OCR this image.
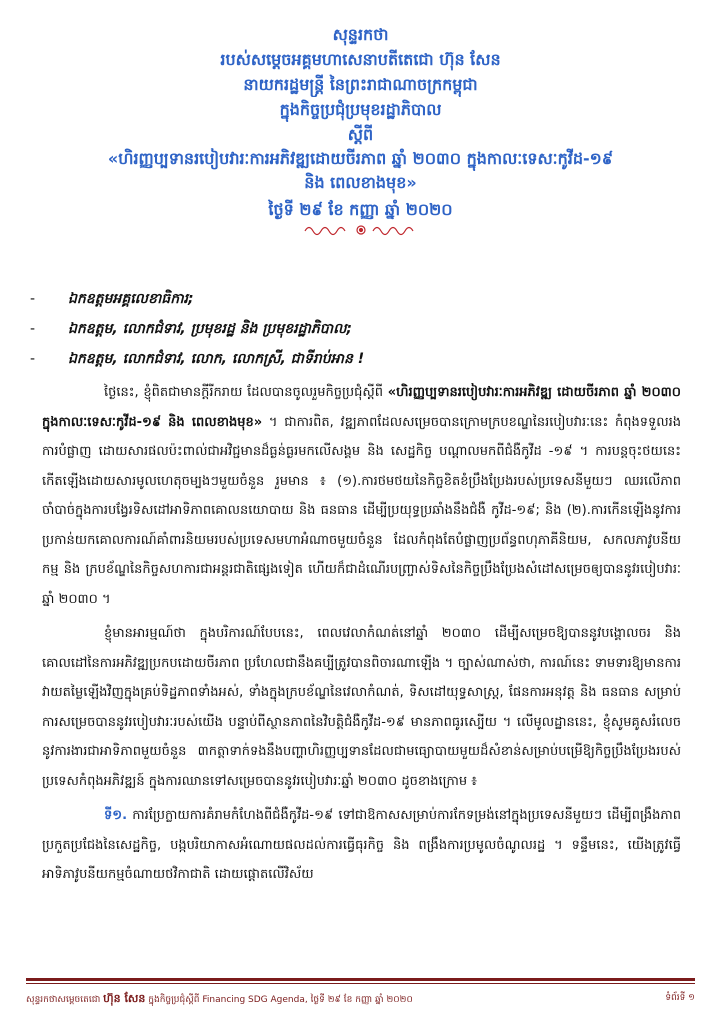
សុន្ទរកថា
របស់សម្តេចអគ្គមហាសេនាបតីតេជោ ហ៊ុន សែន
នាយករដ្ឋមន្ត្រី នៃព្រះរាជាណាចក្រកម្ពុជា
ក្នុងកិច្ចប្រជុំប្រមុខរដ្ឋាភិបាល
ស្តីពី
«ហិរញ្ញប្បទានរបៀបវារៈការអភិវឌ្ឍដោយចីរភាព ឆ្នាំ ២០៣០ ក្នុងកាលៈទេសៈកូវីដ-១៩
និង ពេលខាងមុខ»
ថ្ងៃទី ២៩ ខែ កញ្ញា ឆ្នាំ ២០២០
-	ឯកឧត្តមអគ្គលេខាធិការ;
-	ឯកឧត្តម, លោកជំទាវ, ប្រមុខរដ្ឋ និង ប្រមុខរដ្ឋាភិបាល;
-	ឯកឧត្តម, លោកជំទាវ, លោក, លោកស្រី, ជាទីរាប់អាន !

ថ្ងៃនេះ, ខ្ញុំពិតជាមានក្តីរីករាយ ដែលបានចូលរួមកិច្ចប្រជុំស្តីពី «ហិរញ្ញប្បទានរបៀបវារៈការអភិវឌ្ឍ ដោយចីរភាព ឆ្នាំ ២០៣០ ក្នុងកាលៈទេសៈកូវីដ-១៩ និង ពេលខាងមុខ» ។ ជាការពិត, វឌ្ឍភាពដែលសម្រេចបានក្រោមក្របខណ្ឌនៃរបៀបវារៈនេះ កំពុងទទួលរងការបំផ្លាញ ដោយសារផលប៉ះពាល់ជាអវិជ្ជមានដ៏ធ្ងន់ធ្ងរមកលើសង្គម និង សេដ្ឋកិច្ច បណ្តាលមកពីជំងឺកូវីដ -១៩ ។ ការបន្តចុះថយនេះ កើតឡើងដោយសារមូលហេតុចម្បងៗមួយចំនួន រួមមាន ៖ (១).ការថមថយនៃកិច្ចខិតខំប្រឹងប្រែងរបស់ប្រទេសនីមួយៗ ឈរលើភាពចាំបាច់ក្នុងការបង្វែរទិសដៅអាទិភាពគោលនយោបាយ និង ធនធាន ដើម្បីប្រយុទ្ធប្រឆាំងនឹងជំងឺ កូវីដ-១៩; និង (២).ការកើនឡើងនូវការប្រកាន់យកគោលការណ៍គាំពារនិយមរបស់ប្រទេសមហាអំណាចមួយចំនួន ដែលកំពុងតែបំផ្លាញប្រព័ន្ធពហុភាគីនិយម, សកលភាវូបនីយកម្ម និង ក្របខ័ណ្ឌនៃកិច្ចសហការជាអន្តរជាតិផ្សេងទៀត ហើយក៏ជាដំណើរបញ្ច្រាស់ទិសនៃកិច្ចប្រឹងប្រែងសំដៅសម្រេចឲ្យបាននូវរបៀបវារៈឆ្នាំ ២០៣០ ។

ខ្ញុំមានអារម្មណ៍ថា ក្នុងបរិការណ៍បែបនេះ, ពេលវេលាកំណត់នៅឆ្នាំ ២០៣០ ដើម្បីសម្រេចឱ្យបាននូវបង្គោលចរ និង គោលដៅនៃការអភិវឌ្ឍប្រកបដោយចីរភាព ប្រហែលជានឹងគប្បីត្រូវបានពិចារណាឡើង ។ ច្បាស់ណាស់ថា, ការណ៍នេះ ទាមទារឱ្យមានការវាយតម្លៃឡើងវិញក្នុងគ្រប់ទិដ្ឋភាពទាំងអស់, ទាំងក្នុងក្របខ័ណ្ឌនៃវេលាកំណត់, ទិសដៅយុទ្ធសាស្ត្រ, ផែនការអនុវត្ត និង ធនធាន សម្រាប់ការសម្រេចបាននូវរបៀបវារៈរបស់យើង បន្ទាប់ពីស្ថានភាពនៃវិបត្តិជំងឺកូវីដ-១៩ មានភាពធូរស្បើយ ។ លើមូលដ្ឋាននេះ, ខ្ញុំសូមគូសរំលេចនូវការងារជាអាទិភាពមួយចំនួន ៣កត្តាទាក់ទងនឹងបញ្ហាហិរញ្ញប្បទានដែលជាមធ្យោបាយមួយដ៏សំខាន់សម្រាប់បម្រើឱ្យកិច្ចប្រឹងប្រែងរបស់ប្រទេសកំពុងអភិវឌ្ឍន៍ ក្នុងការឈានទៅសម្រេចបាននូវរបៀបវារៈឆ្នាំ ២០៣០ ដូចខាងក្រោម ៖

ទី១. ការប្រែក្លាយការគំរាមកំហែងពីជំងឺកូវីដ-១៩ ទៅជាឱកាសសម្រាប់ការកែទម្រង់នៅក្នុងប្រទេសនីមួយៗ ដើម្បីពង្រឹងភាពប្រកួតប្រជែងនៃសេដ្ឋកិច្ច, បង្កបរិយាកាសអំណោយផលដល់ការធ្វើធុរកិច្ច និង ពង្រឹងការប្រមូលចំណូលរដ្ឋ ។ ទន្ទឹមនេះ, យើងត្រូវធ្វើអាទិភាវូបនីយកម្មចំណាយថវិកាជាតិ ដោយផ្តោតលើវិស័យ

សុន្ទរកថាសម្តេចតេជោ ហ៊ុន សែន ក្នុងកិច្ចប្រជុំស្តីពី Financing SDG Agenda, ថ្ងៃទី ២៩ ខែ កញ្ញា ឆ្នាំ ២០២០	ទំព័រទី ១
